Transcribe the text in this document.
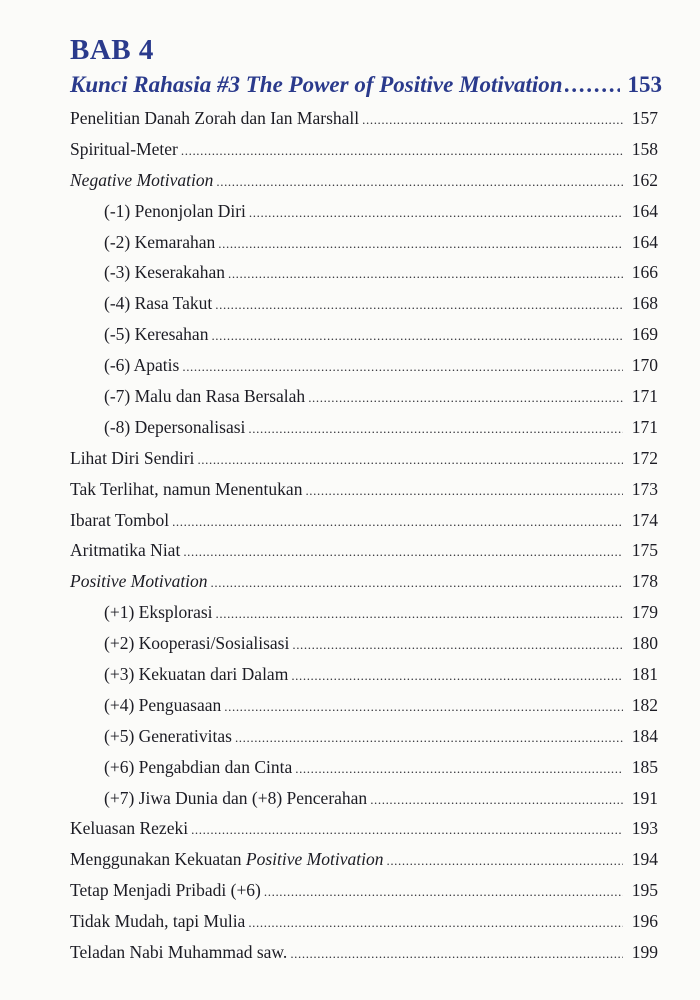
BAB 4
Kunci Rahasia #3 The Power of Positive Motivation . . .	153
Penelitian Danah Zorah dan Ian Marshall .....	157
Spiritual-Meter .....	158
Negative Motivation .....	162
(-1) Penonjolan Diri .....	164
(-2) Kemarahan .....	164
(-3) Keserakahan .....	166
(-4) Rasa Takut .....	168
(-5) Keresahan .....	169
(-6) Apatis .....	170
(-7) Malu dan Rasa Bersalah .....	171
(-8) Depersonalisasi .....	171
Lihat Diri Sendiri .....	172
Tak Terlihat, namun Menentukan .....	173
Ibarat Tombol .....	174
Aritmatika Niat .....	175
Positive Motivation .....	178
(+1) Eksplorasi .....	179
(+2) Kooperasi/Sosialisasi .....	180
(+3) Kekuatan dari Dalam .....	181
(+4) Penguasaan .....	182
(+5) Generativitas .....	184
(+6) Pengabdian dan Cinta .....	185
(+7) Jiwa Dunia dan (+8) Pencerahan .....	191
Keluasan Rezeki .....	193
Menggunakan Kekuatan Positive Motivation .....	194
Tetap Menjadi Pribadi (+6) .....	195
Tidak Mudah, tapi Mulia .....	196
Teladan Nabi Muhammad saw. .....	199
